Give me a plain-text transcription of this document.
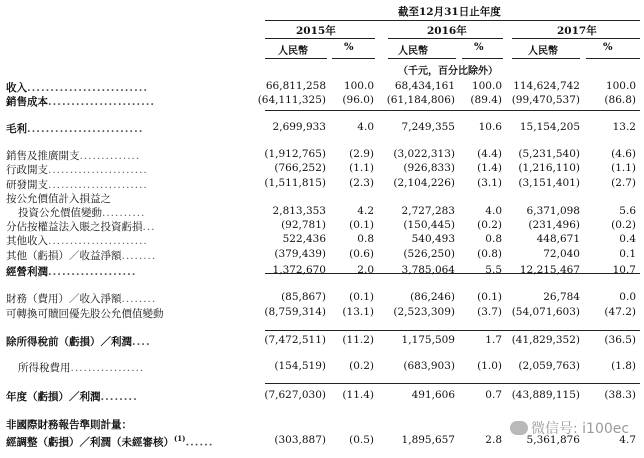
截至12月31日止年度
2015年	2016年	2017年
人民幣	%	人民幣	%	人民幣	%
（千元，百分比除外）
收入..........................	66,811,258 100.0 68,434,161 100.0 114,624,742 100.0
銷售成本.......................	(64,111,325) (96.0) (61,184,806) (89.4) (99,470,537) (86.8)
毛利.........................	2,699,933	4.0	7,249,355 10.6 15,154,205	13.2
銷售及推廣開支..............	(1,912,765) (2.9) (3,022,313) (4.4) (5,231,540)	(4.6)
行政開支.......................	(766,252) (1.1)	(926,833) (1.4) (1,216,110)	(1.1)
研發開支.......................	(1,511,815) (2.3) (2,104,226) (3.1) (3,151,401)	(2.7)
按公允價值計入損益之
投資公允價值變動..........	2,813,353	4.2	2,727,283	4.0 6,371,098	5.6
分佔按權益法入賬之投資虧損...	(92,781) (0.1)	(150,445) (0.2)	(231,496)	(0.2)
其他收入.......................	522,436	0.8	540,493	0.8	448,671	0.4
其他（虧損）／收益淨額........	(379,439) (0.6)	(526,250) (0.8)	72,040	0.1
經營利潤...................	1,372,670	2.0	3,785,064	5.5 12,215,467	10.7
財務（費用）／收入淨額........	(85,867) (0.1)	(86,246) (0.1)	26,784	0.0
可轉換可贖回優先股公允價值變動	(8,759,314) (13.1) (2,523,309) (3.7) (54,071,603) (47.2)
除所得稅前（虧損）／利潤....	(7,472,511) (11.2)	1,175,509	1.7 (41,829,352) (36.5)
所得稅費用.................	(154,519) (0.2)	(683,903) (1.0) (2,059,763)	(1.8)
年度（虧損）／利潤........	(7,627,030) (11.4)	491,606	0.7 (43,889,115) (38.3)
非國際財務報告準則計量：
經調整（虧損）／利潤（未經審核）$^{(1)}$......	(303,887) (0.5)	1,895,657	2.8 5,361,876	4.7
微信号: i100ec
